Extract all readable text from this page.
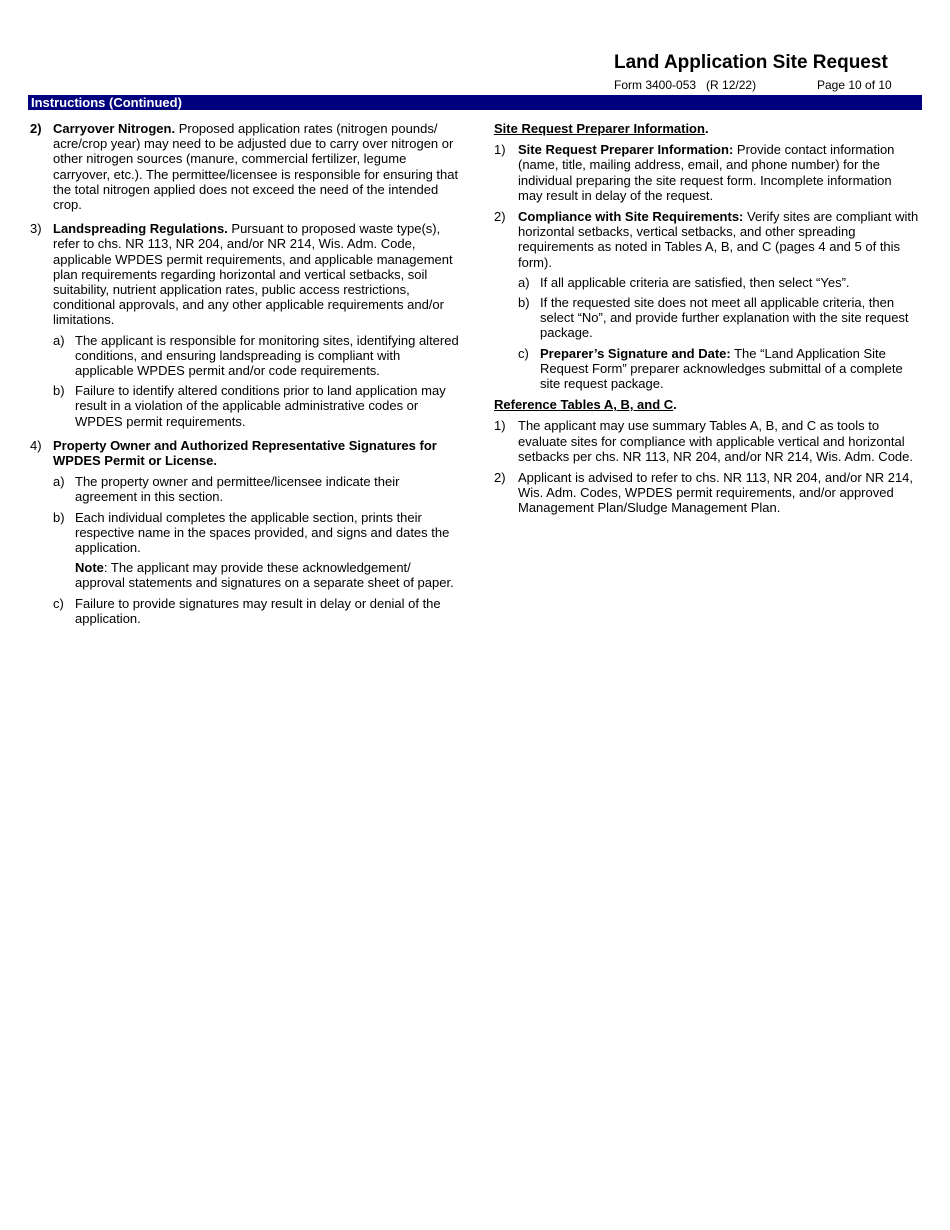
Land Application Site Request
Form 3400-053   (R 12/22)	Page 10 of 10
Instructions (Continued)
2) Carryover Nitrogen. Proposed application rates (nitrogen pounds/ acre/crop year) may need to be adjusted due to carry over nitrogen or other nitrogen sources (manure, commercial fertilizer, legume carryover, etc.). The permittee/licensee is responsible for ensuring that the total nitrogen applied does not exceed the need of the intended crop.
3) Landspreading Regulations. Pursuant to proposed waste type(s), refer to chs. NR 113, NR 204, and/or NR 214, Wis. Adm. Code, applicable WPDES permit requirements, and applicable management plan requirements regarding horizontal and vertical setbacks, soil suitability, nutrient application rates, public access restrictions, conditional approvals, and any other applicable requirements and/or limitations.
a) The applicant is responsible for monitoring sites, identifying altered conditions, and ensuring landspreading is compliant with applicable WPDES permit and/or code requirements.
b) Failure to identify altered conditions prior to land application may result in a violation of the applicable administrative codes or WPDES permit requirements.
4) Property Owner and Authorized Representative Signatures for WPDES Permit or License.
a) The property owner and permittee/licensee indicate their agreement in this section.
b) Each individual completes the applicable section, prints their respective name in the spaces provided, and signs and dates the application.
Note: The applicant may provide these acknowledgement/ approval statements and signatures on a separate sheet of paper.
c) Failure to provide signatures may result in delay or denial of the application.
Site Request Preparer Information.
1) Site Request Preparer Information: Provide contact information (name, title, mailing address, email, and phone number) for the individual preparing the site request form. Incomplete information may result in delay of the request.
2) Compliance with Site Requirements: Verify sites are compliant with horizontal setbacks, vertical setbacks, and other spreading requirements as noted in Tables A, B, and C (pages 4 and 5 of this form).
a) If all applicable criteria are satisfied, then select “Yes”.
b) If the requested site does not meet all applicable criteria, then select “No”, and provide further explanation with the site request package.
c) Preparer’s Signature and Date: The “Land Application Site Request Form” preparer acknowledges submittal of a complete site request package.
Reference Tables A, B, and C.
1) The applicant may use summary Tables A, B, and C as tools to evaluate sites for compliance with applicable vertical and horizontal setbacks per chs. NR 113, NR 204, and/or NR 214, Wis. Adm. Code.
2) Applicant is advised to refer to chs. NR 113, NR 204, and/or NR 214, Wis. Adm. Codes, WPDES permit requirements, and/or approved Management Plan/Sludge Management Plan.
